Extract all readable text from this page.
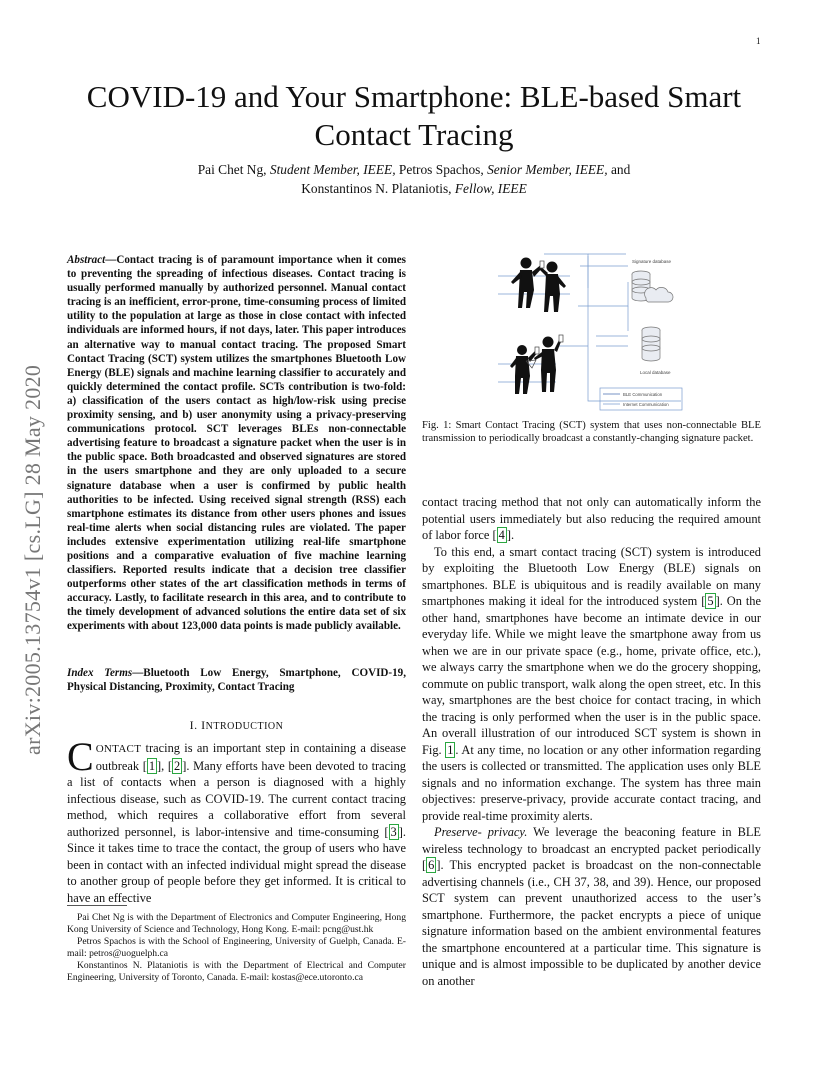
1
COVID-19 and Your Smartphone: BLE-based Smart Contact Tracing
Pai Chet Ng, Student Member, IEEE, Petros Spachos, Senior Member, IEEE, and
Konstantinos N. Plataniotis, Fellow, IEEE
arXiv:2005.13754v1 [cs.LG] 28 May 2020
Abstract—Contact tracing is of paramount importance when it comes to preventing the spreading of infectious diseases. Contact tracing is usually performed manually by authorized personnel. Manual contact tracing is an inefficient, error-prone, time-consuming process of limited utility to the population at large as those in close contact with infected individuals are informed hours, if not days, later. This paper introduces an alternative way to manual contact tracing. The proposed Smart Contact Tracing (SCT) system utilizes the smartphones Bluetooth Low Energy (BLE) signals and machine learning classifier to accurately and quickly determined the contact profile. SCTs contribution is two-fold: a) classification of the users contact as high/low-risk using precise proximity sensing, and b) user anonymity using a privacy-preserving communications protocol. SCT leverages BLEs non-connectable advertising feature to broadcast a signature packet when the user is in the public space. Both broadcasted and observed signatures are stored in the users smartphone and they are only uploaded to a secure signature database when a user is confirmed by public health authorities to be infected. Using received signal strength (RSS) each smartphone estimates its distance from other users phones and issues real-time alerts when social distancing rules are violated. The paper includes extensive experimentation utilizing real-life smartphone positions and a comparative evaluation of five machine learning classifiers. Reported results indicate that a decision tree classifier outperforms other states of the art classification methods in terms of accuracy. Lastly, to facilitate research in this area, and to contribute to the timely development of advanced solutions the entire data set of six experiments with about 123,000 data points is made publicly available.
Index Terms—Bluetooth Low Energy, Smartphone, COVID-19, Physical Distancing, Proximity, Contact Tracing
I. INTRODUCTION
CONTACT tracing is an important step in containing a disease outbreak [ 1 ], [ 2 ]. Many efforts have been devoted to tracing a list of contacts when a person is diagnosed with a highly infectious disease, such as COVID-19. The current contact tracing method, which requires a collaborative effort from several authorized personnel, is labor-intensive and time-consuming [ 3 ]. Since it takes time to trace the contact, the group of users who have been in contact with an infected individual might spread the disease to another group of people before they get informed. It is critical to have an effective

Pai Chet Ng is with the Department of Electronics and Computer Engineering, Hong Kong University of Science and Technology, Hong Kong. E-mail: pcng@ust.hk

Petros Spachos is with the School of Engineering, University of Guelph, Canada. E-mail: petros@uoguelph.ca

Konstantinos N. Plataniotis is with the Department of Electrical and Computer Engineering, University of Toronto, Canada. E-mail: kostas@ece.utoronto.ca

Signature database
Local database
BLE Communication
Internet Communication
Fig. 1: Smart Contact Tracing (SCT) system that uses non-connectable BLE transmission to periodically broadcast a constantly-changing signature packet.

contact tracing method that not only can automatically inform the potential users immediately but also reducing the required amount of labor force [ 4 ].

To this end, a smart contact tracing (SCT) system is introduced by exploiting the Bluetooth Low Energy (BLE) signals on smartphones. BLE is ubiquitous and is readily available on many smartphones making it ideal for the introduced system [ 5 ]. On the other hand, smartphones have become an intimate device in our everyday life. While we might leave the smartphone away from us when we are in our private space (e.g., home, private office, etc.), we always carry the smartphone when we do the grocery shopping, commute on public transport, walk along the open street, etc. In this way, smartphones are the best choice for contact tracing, in which the tracing is only performed when the user is in the public space. An overall illustration of our introduced SCT system is shown in Fig. 1 . At any time, no location or any other information regarding the users is collected or transmitted. The application uses only BLE signals and no information exchange. The system has three main objectives: preserve-privacy, provide accurate contact tracing, and provide real-time proximity alerts.

Preserve- privacy. We leverage the beaconing feature in BLE wireless technology to broadcast an encrypted packet periodically [ 6 ]. This encrypted packet is broadcast on the non-connectable advertising channels (i.e., CH 37, 38, and 39). Hence, our proposed SCT system can prevent unauthorized access to the user’s smartphone. Furthermore, the packet encrypts a piece of unique signature information based on the ambient environmental features the smartphone encountered at a particular time. This signature is unique and is almost impossible to be duplicated by another device on another
